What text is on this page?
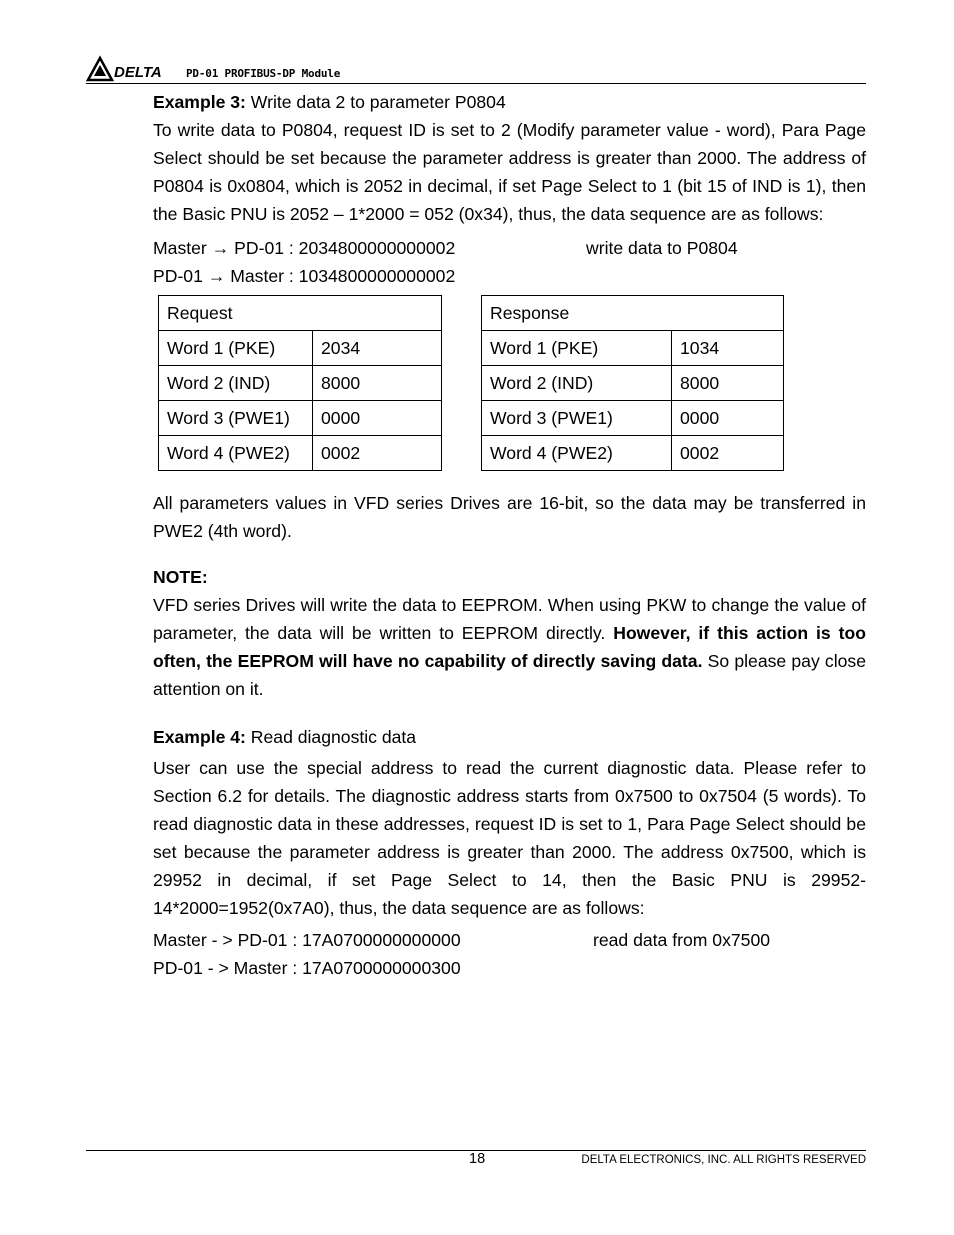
DELTA PD-01 PROFIBUS-DP Module

Example 3: Write data 2 to parameter P0804

To write data to P0804, request ID is set to 2 (Modify parameter value - word), Para Page Select should be set because the parameter address is greater than 2000. The address of P0804 is 0x0804, which is 2052 in decimal, if set Page Select to 1 (bit 15 of IND is 1), then the Basic PNU is 2052 – 1*2000 = 052 (0x34), thus, the data sequence are as follows:

Master → PD-01 : 2034800000000002	write data to P0804
PD-01 → Master : 1034800000000002
Request	
Word 1 (PKE)	2034
Word 2 (IND)	8000
Word 3 (PWE1)	0000
Word 4 (PWE2)	0002
Response	
Word 1 (PKE)	1034
Word 2 (IND)	8000
Word 3 (PWE1)	0000
Word 4 (PWE2)	0002

All parameters values in VFD series Drives are 16-bit, so the data may be transferred in PWE2 (4th word).

NOTE:

VFD series Drives will write the data to EEPROM. When using PKW to change the value of parameter, the data will be written to EEPROM directly. However, if this action is too often, the EEPROM will have no capability of directly saving data. So please pay close attention on it.

Example 4: Read diagnostic data

User can use the special address to read the current diagnostic data. Please refer to Section 6.2 for details. The diagnostic address starts from 0x7500 to 0x7504 (5 words). To read diagnostic data in these addresses, request ID is set to 1, Para Page Select should be set because the parameter address is greater than 2000. The address 0x7500, which is 29952 in decimal, if set Page Select to 14, then the Basic PNU is 29952-14*2000=1952(0x7A0), thus, the data sequence are as follows:

Master - > PD-01 : 17A0700000000000	read data from 0x7500
PD-01 - > Master : 17A0700000000300
18	DELTA ELECTRONICS, INC. ALL RIGHTS RESERVED
